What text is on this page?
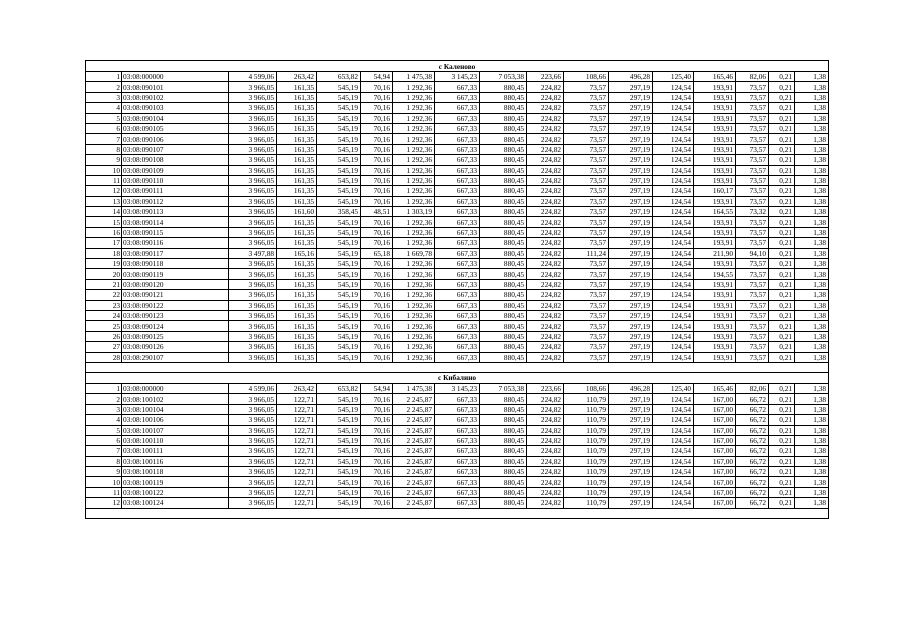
с Каленово																
1	03:08:000000	4 599,06	263,42	653,82	54,94	1 475,38	3 145,23	7 053,38	223,66	108,66	496,28	125,40	165,46	82,06	0,21	1,38
2	03:08:090101	3 966,05	161,35	545,19	70,16	1 292,36	667,33	880,45	224,82	73,57	297,19	124,54	193,91	73,57	0,21	1,38
3	03:08:090102	3 966,05	161,35	545,19	70,16	1 292,36	667,33	880,45	224,82	73,57	297,19	124,54	193,91	73,57	0,21	1,38
4	03:08:090103	3 966,05	161,35	545,19	70,16	1 292,36	667,33	880,45	224,82	73,57	297,19	124,54	193,91	73,57	0,21	1,38
5	03:08:090104	3 966,05	161,35	545,19	70,16	1 292,36	667,33	880,45	224,82	73,57	297,19	124,54	193,91	73,57	0,21	1,38
6	03:08:090105	3 966,05	161,35	545,19	70,16	1 292,36	667,33	880,45	224,82	73,57	297,19	124,54	193,91	73,57	0,21	1,38
7	03:08:090106	3 966,05	161,35	545,19	70,16	1 292,36	667,33	880,45	224,82	73,57	297,19	124,54	193,91	73,57	0,21	1,38
8	03:08:090107	3 966,05	161,35	545,19	70,16	1 292,36	667,33	880,45	224,82	73,57	297,19	124,54	193,91	73,57	0,21	1,38
9	03:08:090108	3 966,05	161,35	545,19	70,16	1 292,36	667,33	880,45	224,82	73,57	297,19	124,54	193,91	73,57	0,21	1,38
10	03:08:090109	3 966,05	161,35	545,19	70,16	1 292,36	667,33	880,45	224,82	73,57	297,19	124,54	193,91	73,57	0,21	1,38
11	03:08:090110	3 966,05	161,35	545,19	70,16	1 292,36	667,33	880,45	224,82	73,57	297,19	124,54	193,91	73,57	0,21	1,38
12	03:08:090111	3 966,05	161,35	545,19	70,16	1 292,36	667,33	880,45	224,82	73,57	297,19	124,54	160,17	73,57	0,21	1,38
13	03:08:090112	3 966,05	161,35	545,19	70,16	1 292,36	667,33	880,45	224,82	73,57	297,19	124,54	193,91	73,57	0,21	1,38
14	03:08:090113	3 966,05	161,60	358,45	48,51	1 303,19	667,33	880,45	224,82	73,57	297,19	124,54	164,55	73,32	0,21	1,38
15	03:08:090114	3 966,05	161,35	545,19	70,16	1 292,36	667,33	880,45	224,82	73,57	297,19	124,54	193,91	73,57	0,21	1,38
16	03:08:090115	3 966,05	161,35	545,19	70,16	1 292,36	667,33	880,45	224,82	73,57	297,19	124,54	193,91	73,57	0,21	1,38
17	03:08:090116	3 966,05	161,35	545,19	70,16	1 292,36	667,33	880,45	224,82	73,57	297,19	124,54	193,91	73,57	0,21	1,38
18	03:08:090117	3 497,88	165,16	545,19	65,18	1 669,78	667,33	880,45	224,82	111,24	297,19	124,54	211,90	94,10	0,21	1,38
19	03:08:090118	3 966,05	161,35	545,19	70,16	1 292,36	667,33	880,45	224,82	73,57	297,19	124,54	193,91	73,57	0,21	1,38
20	03:08:090119	3 966,05	161,35	545,19	70,16	1 292,36	667,33	880,45	224,82	73,57	297,19	124,54	194,55	73,57	0,21	1,38
21	03:08:090120	3 966,05	161,35	545,19	70,16	1 292,36	667,33	880,45	224,82	73,57	297,19	124,54	193,91	73,57	0,21	1,38
22	03:08:090121	3 966,05	161,35	545,19	70,16	1 292,36	667,33	880,45	224,82	73,57	297,19	124,54	193,91	73,57	0,21	1,38
23	03:08:090122	3 966,05	161,35	545,19	70,16	1 292,36	667,33	880,45	224,82	73,57	297,19	124,54	193,91	73,57	0,21	1,38
24	03:08:090123	3 966,05	161,35	545,19	70,16	1 292,36	667,33	880,45	224,82	73,57	297,19	124,54	193,91	73,57	0,21	1,38
25	03:08:090124	3 966,05	161,35	545,19	70,16	1 292,36	667,33	880,45	224,82	73,57	297,19	124,54	193,91	73,57	0,21	1,38
26	03:08:090125	3 966,05	161,35	545,19	70,16	1 292,36	667,33	880,45	224,82	73,57	297,19	124,54	193,91	73,57	0,21	1,38
27	03:08:090126	3 966,05	161,35	545,19	70,16	1 292,36	667,33	880,45	224,82	73,57	297,19	124,54	193,91	73,57	0,21	1,38
28	03:08:290107	3 966,05	161,35	545,19	70,16	1 292,36	667,33	880,45	224,82	73,57	297,19	124,54	193,91	73,57	0,21	1,38

с Кибалино																
1	03:08:000000	4 599,06	263,42	653,82	54,94	1 475,38	3 145,23	7 053,38	223,66	108,66	496,28	125,40	165,46	82,06	0,21	1,38
2	03:08:100102	3 966,05	122,71	545,19	70,16	2 245,87	667,33	880,45	224,82	110,79	297,19	124,54	167,00	66,72	0,21	1,38
3	03:08:100104	3 966,05	122,71	545,19	70,16	2 245,87	667,33	880,45	224,82	110,79	297,19	124,54	167,00	66,72	0,21	1,38
4	03:08:100106	3 966,05	122,71	545,19	70,16	2 245,87	667,33	880,45	224,82	110,79	297,19	124,54	167,00	66,72	0,21	1,38
5	03:08:100107	3 966,05	122,71	545,19	70,16	2 245,87	667,33	880,45	224,82	110,79	297,19	124,54	167,00	66,72	0,21	1,38
6	03:08:100110	3 966,05	122,71	545,19	70,16	2 245,87	667,33	880,45	224,82	110,79	297,19	124,54	167,00	66,72	0,21	1,38
7	03:08:100111	3 966,05	122,71	545,19	70,16	2 245,87	667,33	880,45	224,82	110,79	297,19	124,54	167,00	66,72	0,21	1,38
8	03:08:100116	3 966,05	122,71	545,19	70,16	2 245,87	667,33	880,45	224,82	110,79	297,19	124,54	167,00	66,72	0,21	1,38
9	03:08:100118	3 966,05	122,71	545,19	70,16	2 245,87	667,33	880,45	224,82	110,79	297,19	124,54	167,00	66,72	0,21	1,38
10	03:08:100119	3 966,05	122,71	545,19	70,16	2 245,87	667,33	880,45	224,82	110,79	297,19	124,54	167,00	66,72	0,21	1,38
11	03:08:100122	3 966,05	122,71	545,19	70,16	2 245,87	667,33	880,45	224,82	110,79	297,19	124,54	167,00	66,72	0,21	1,38
12	03:08:100124	3 966,05	122,71	545,19	70,16	2 245,87	667,33	880,45	224,82	110,79	297,19	124,54	167,00	66,72	0,21	1,38
